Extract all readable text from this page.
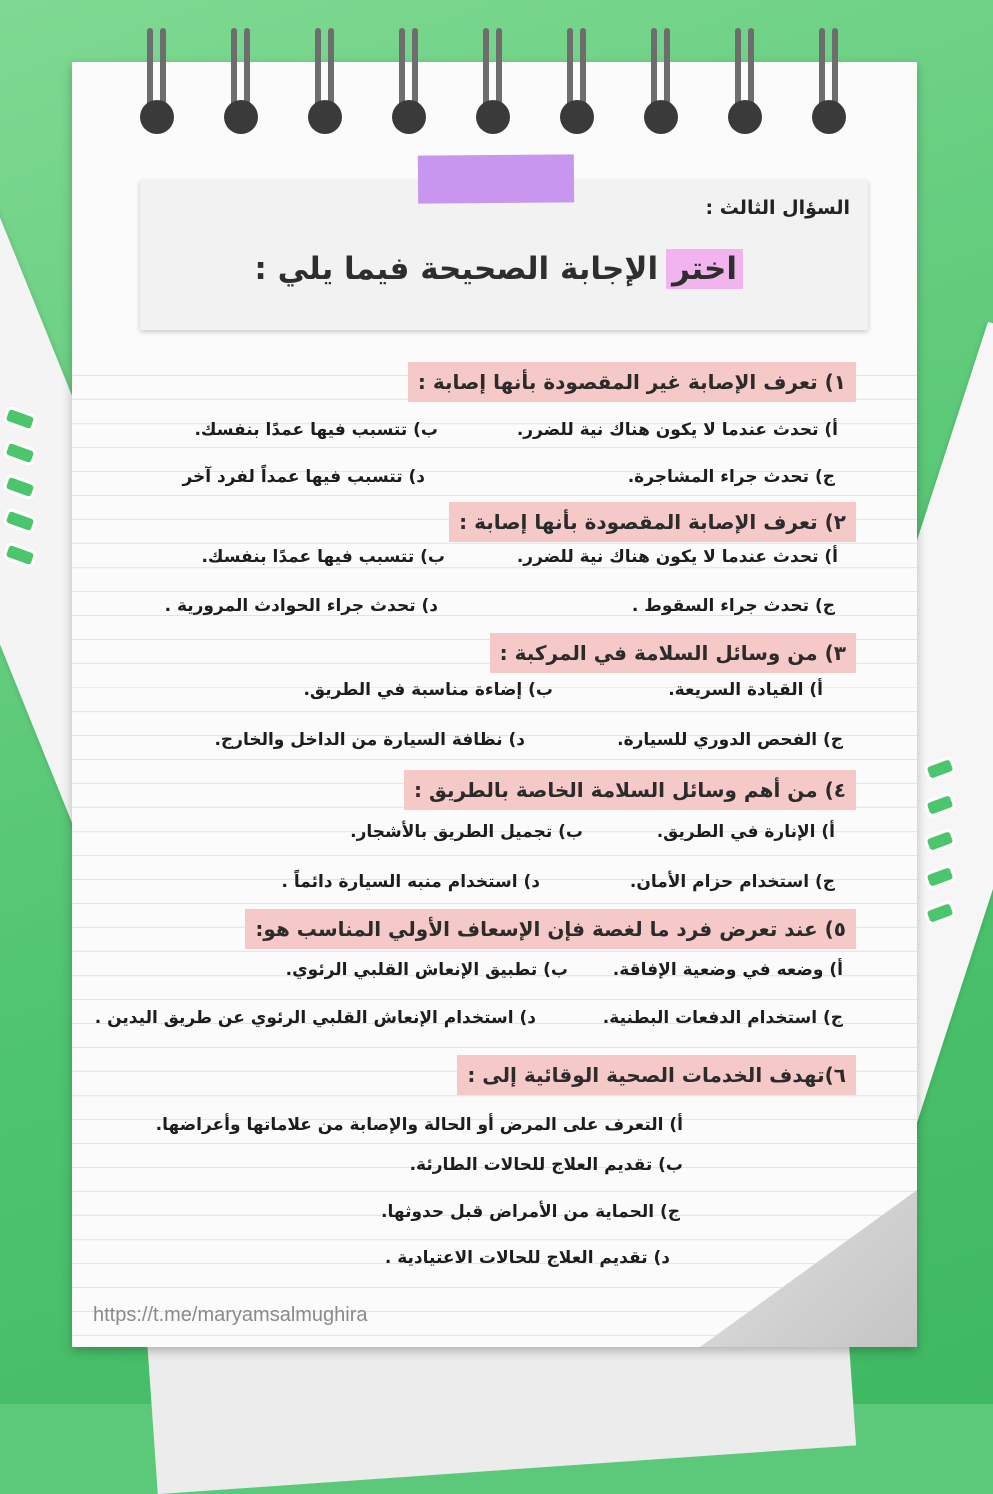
السؤال الثالث :
اختر
الإجابة الصحيحة فيما يلي :
١) تعرف الإصابة غير المقصودة بأنها إصابة :
أ) تحدث عندما لا يكون هناك نية للضرر.
ب) تتسبب فيها عمدًا بنفسك.
ج) تحدث جراء المشاجرة.
د) تتسبب فيها عمداً لفرد آخر
٢) تعرف الإصابة المقصودة بأنها إصابة :
أ) تحدث عندما لا يكون هناك نية للضرر.
ب) تتسبب فيها عمدًا بنفسك.
ج) تحدث جراء السقوط .
د) تحدث جراء الحوادث المرورية .
٣) من وسائل السلامة في المركبة :
أ) القيادة السريعة.
ب) إضاءة مناسبة في الطريق.
ج) الفحص الدوري للسيارة.
د) نظافة السيارة من الداخل والخارج.
٤) من أهم وسائل السلامة الخاصة بالطريق :
أ) الإنارة في الطريق.
ب) تجميل الطريق بالأشجار.
ج) استخدام حزام الأمان.
د) استخدام منبه السيارة دائماً .
٥) عند تعرض فرد ما لغصة فإن الإسعاف الأولي المناسب هو:
أ) وضعه في وضعية الإفاقة.
ب) تطبيق الإنعاش القلبي الرئوي.
ج) استخدام الدفعات البطنية.
د) استخدام الإنعاش القلبي الرئوي عن طريق اليدين .
٦)تهدف الخدمات الصحية الوقائية إلى :
أ) التعرف على المرض أو الحالة والإصابة من علاماتها وأعراضها.
ب) تقديم العلاج للحالات الطارئة.
ج) الحماية من الأمراض قبل حدوثها.
د) تقديم العلاج للحالات الاعتيادية .
https://t.me/maryamsalmughira
